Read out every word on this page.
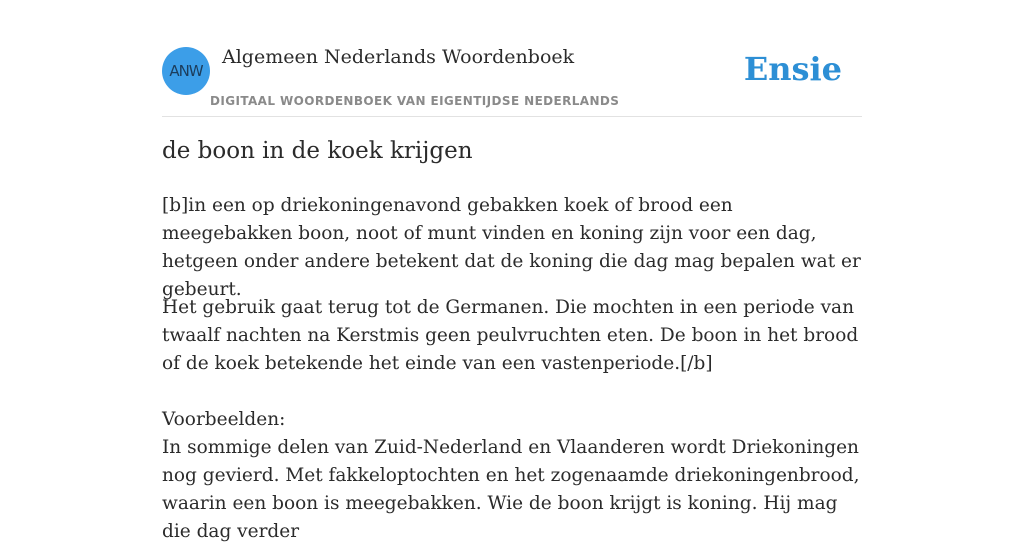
ANW
Algemeen Nederlands Woordenboek
DIGITAAL WOORDENBOEK VAN EIGENTIJDSE NEDERLANDS
Ensie
de boon in de koek krijgen

[b]in een op driekoningenavond gebakken koek of brood een meegebakken boon, noot of munt vinden en koning zijn voor een dag, hetgeen onder andere betekent dat de koning die dag mag bepalen wat er gebeurt.

Het gebruik gaat terug tot de Germanen. Die mochten in een periode van twaalf nachten na Kerstmis geen peulvruchten eten. De boon in het brood of de koek betekende het einde van een vastenperiode.[/b]

Voorbeelden:
In sommige delen van Zuid-Nederland en Vlaanderen wordt Driekoningen nog gevierd. Met fakkeloptochten en het zogenaamde driekoningenbrood, waarin een boon is meegebakken. Wie de boon krijgt is koning. Hij mag die dag verder
